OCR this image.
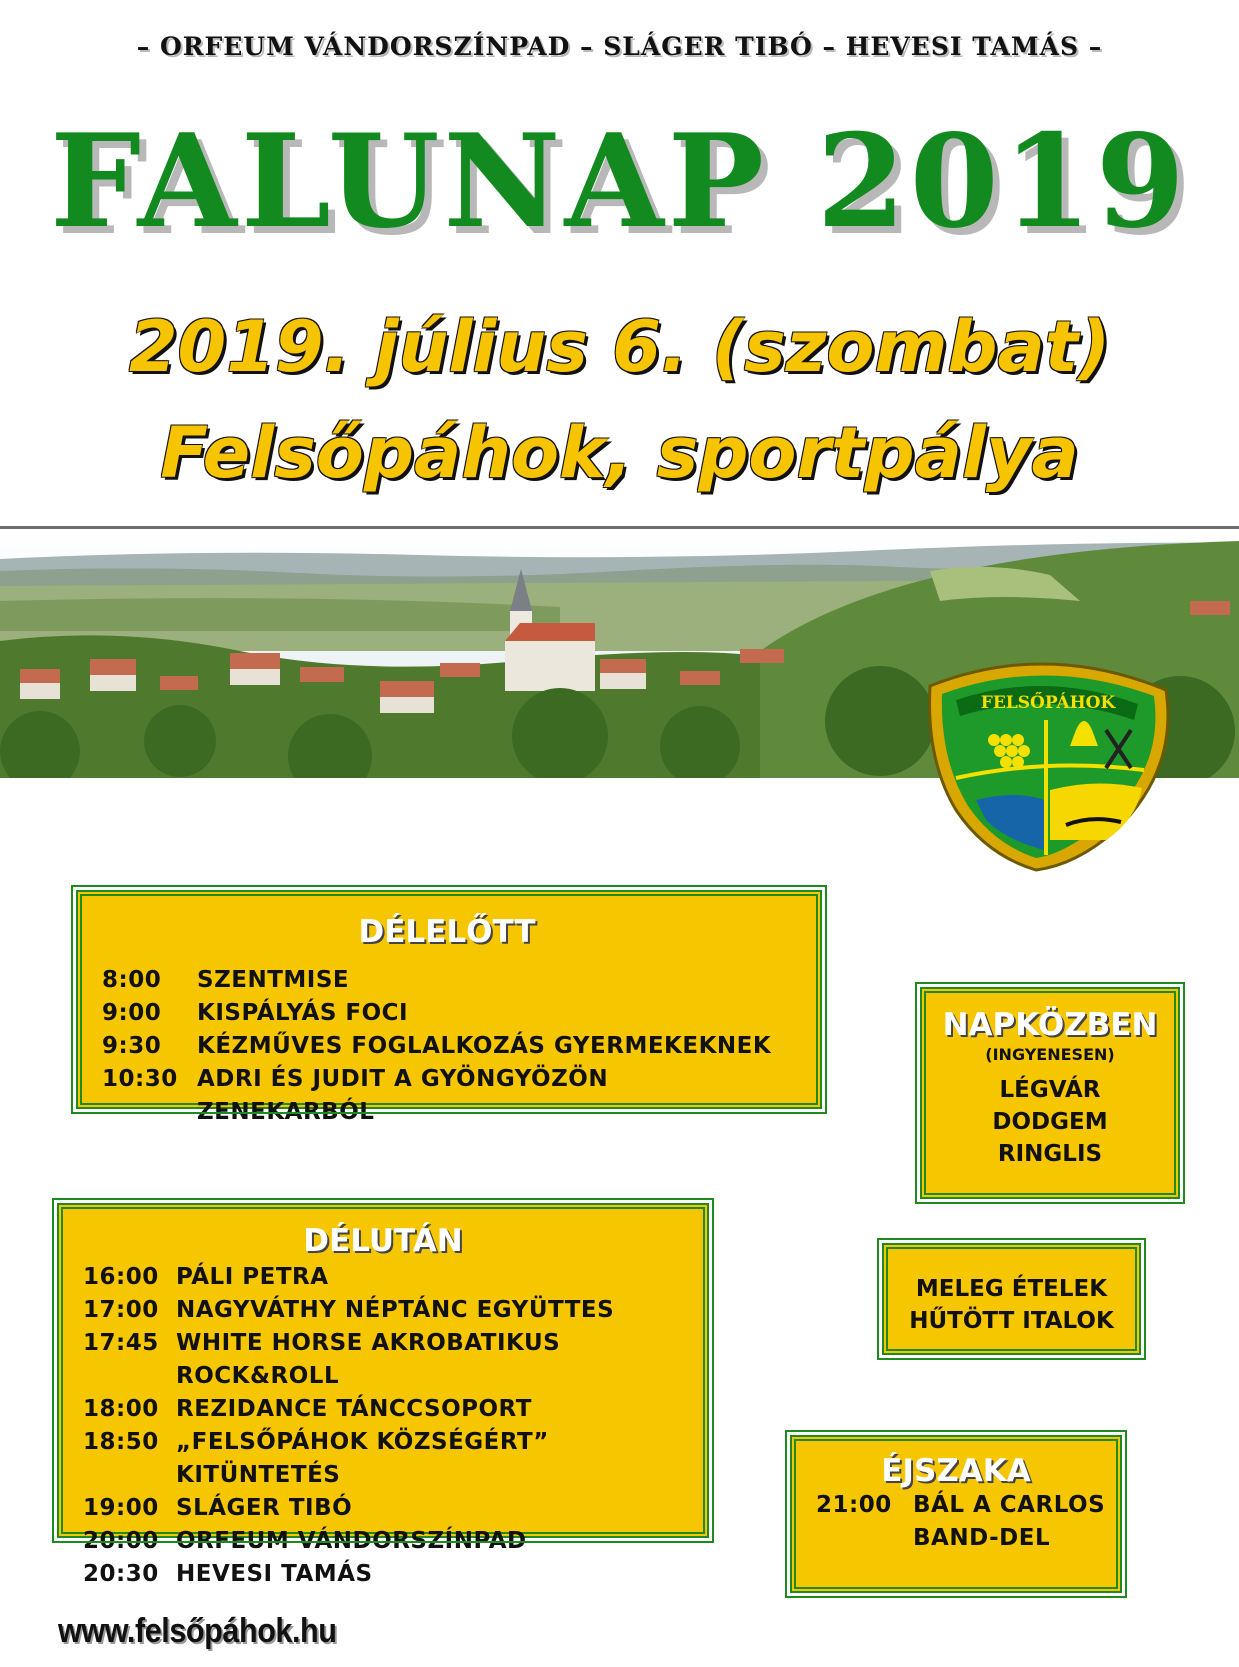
– ORFEUM VÁNDORSZÍNPAD – SLÁGER TIBÓ – HEVESI TAMÁS –
FALUNAP 2019
2019. július 6. (szombat)
Felsőpáhok, sportpálya
FELSŐPÁHOK
DÉLELŐTT
8:00	SZENTMISE
9:00	KISPÁLYÁS FOCI
9:30	KÉZMŰVES FOGLALKOZÁS GYERMEKEKNEK
10:30 ADRI ÉS JUDIT A GYÖNGYÖZÖN ZENEKARBÓL
DÉLUTÁN
16:00 PÁLI PETRA
17:00 NAGYVÁTHY NÉPTÁNC EGYÜTTES
17:45 WHITE HORSE AKROBATIKUS ROCK&ROLL
18:00 REZIDANCE TÁNCCSOPORT
18:50 „FELSŐPÁHOK KÖZSÉGÉRT” KITÜNTETÉS
19:00 SLÁGER TIBÓ
20:00 ORFEUM VÁNDORSZÍNPAD
20:30 HEVESI TAMÁS
NAPKÖZBEN
(INGYENESEN)
LÉGVÁR
DODGEM
RINGLIS
MELEG ÉTELEK
HŰTÖTT ITALOK
ÉJSZAKA
21:00 BÁL A CARLOS
BAND-DEL
www.felsőpáhok.hu
